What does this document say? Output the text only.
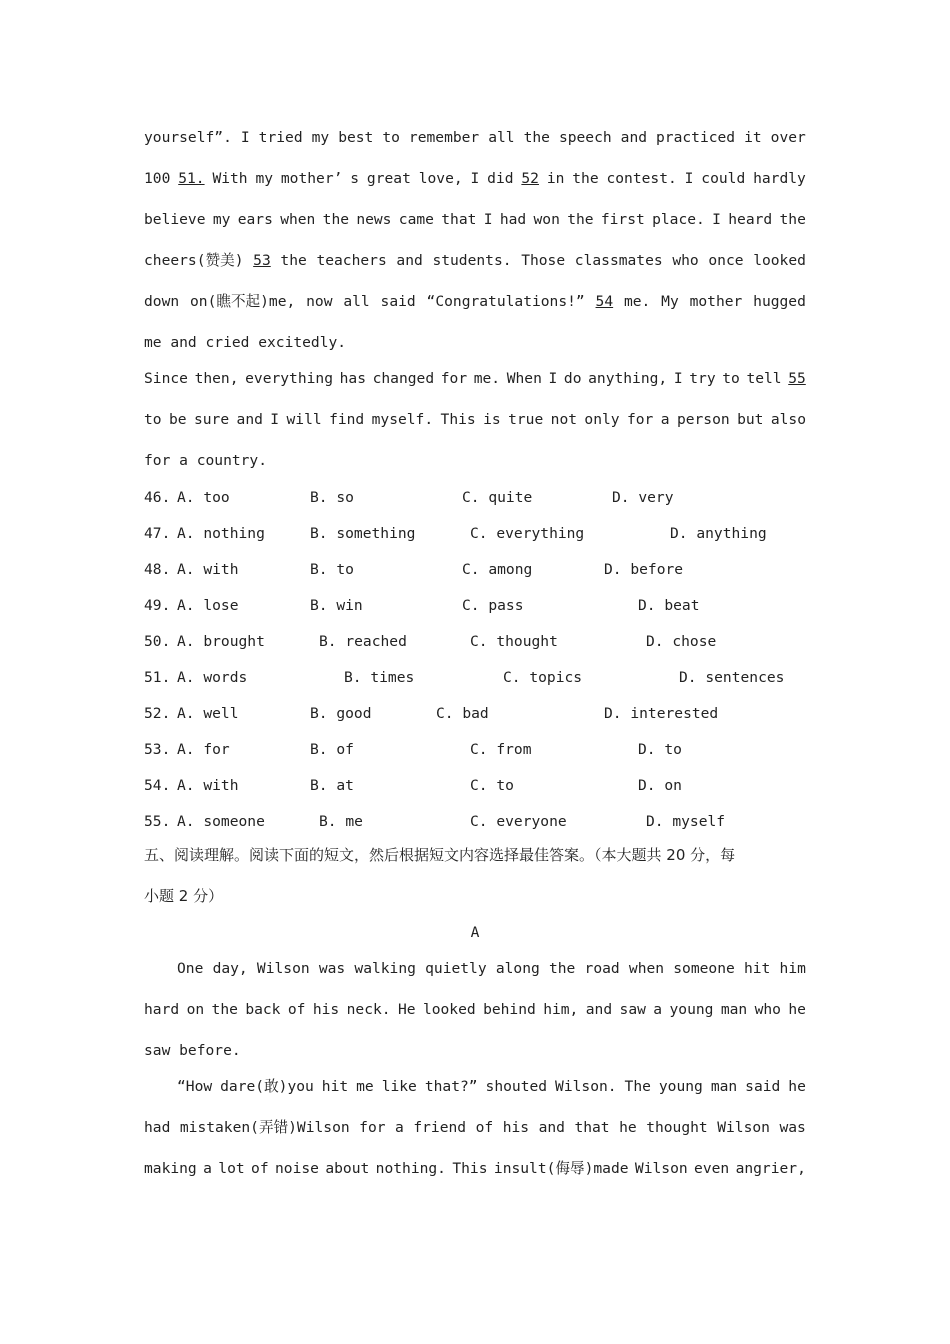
yourself”. I tried my best to remember all the speech and practiced it over
100 51. With my mother’ s great love, I did 52 in the contest. I could hardly
believe my ears when the news came that I had won the first place. I heard the
cheers(赞美) 53 the teachers and students. Those classmates who once looked
down on(瞧不起)me, now all said “Congratulations!” 54 me. My mother hugged
me and cried excitedly.
Since then, everything has changed for me. When I do anything, I try to tell 55
to be sure and I will find myself. This is true not only for a person but also
for a country.
46. A. too	B. so	C. quite	D. very
47. A. nothing	B. something	C. everything	D. anything
48. A. with	B. to	C. among	D. before
49. A. lose	B. win	C. pass	D. beat
50. A. brought	B. reached	C. thought	D. chose
51. A. words	B. times	C. topics	D. sentences
52. A. well	B. good	C. bad	D. interested
53. A. for	B. of	C. from	D. to
54. A. with	B. at	C. to	D. on
55. A. someone	B. me	C. everyone	D. myself
五、阅读理解。阅读下面的短文，然后根据短文内容选择最佳答案。（本大题共 20 分，每
小题 2 分）
A
One day, Wilson was walking quietly along the road when someone hit him
hard on the back of his neck. He looked behind him, and saw a young man who he
saw before.
“How dare(敢)you hit me like that?” shouted Wilson. The young man said he
had mistaken(弄错)Wilson for a friend of his and that he thought Wilson was
making a lot of noise about nothing. This insult(侮辱)made Wilson even angrier,
